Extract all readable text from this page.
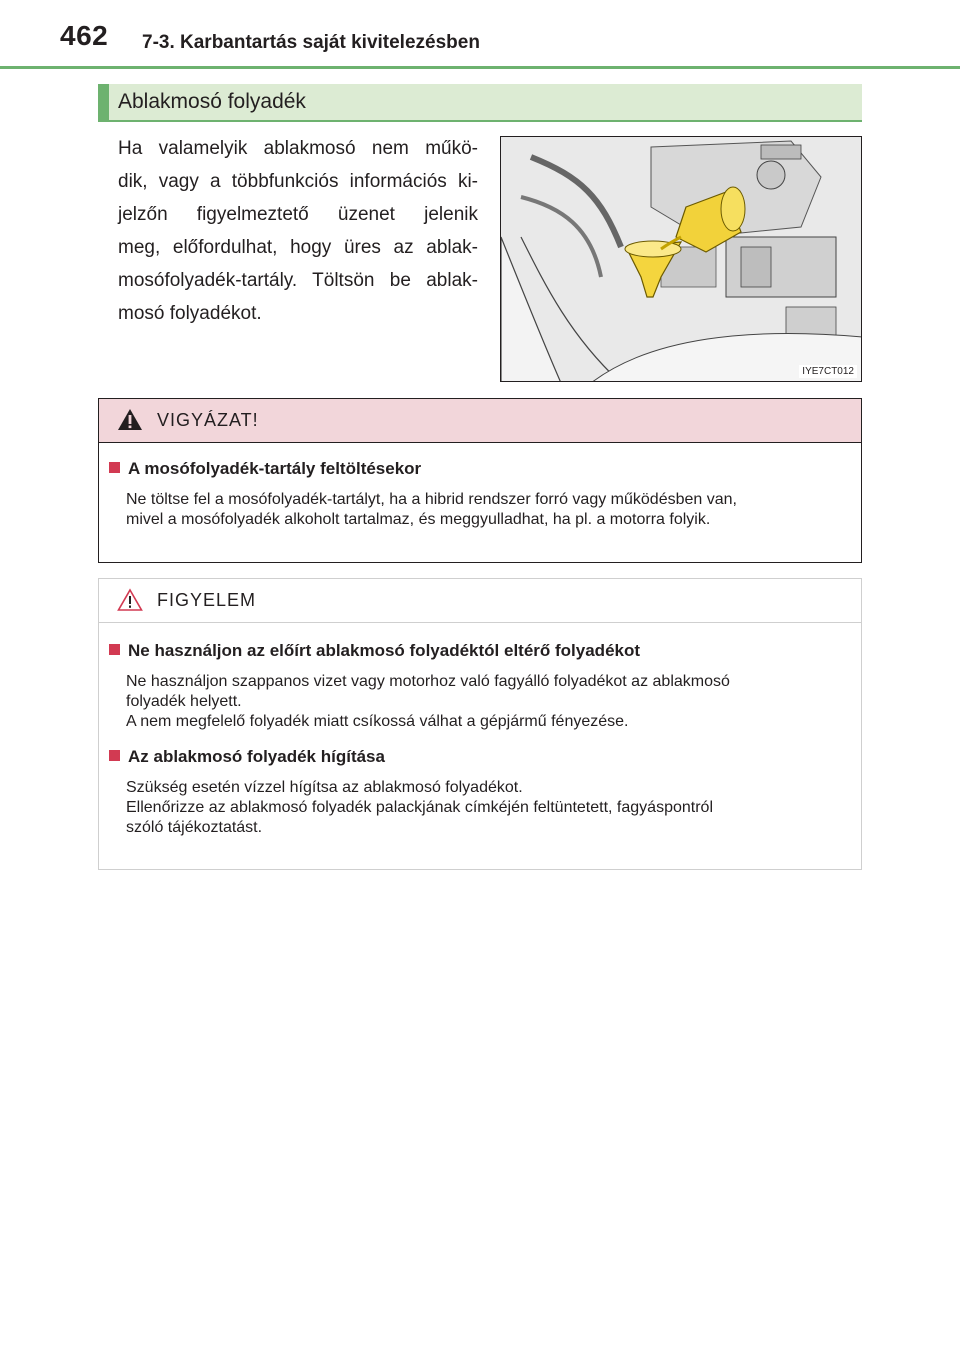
462 7-3. Karbantartás saját kivitelezésben
Ablakmosó folyadék
Ha valamelyik ablakmosó nem műkö-
dik, vagy a többfunkciós információs ki-
jelzőn figyelmeztető üzenet jelenik
meg, előfordulhat, hogy üres az ablak-
mosófolyadék-tartály. Töltsön be ablak-
mosó folyadékot.
IYE7CT012
VIGYÁZAT!
A mosófolyadék-tartály feltöltésekor
Ne töltse fel a mosófolyadék-tartályt, ha a hibrid rendszer forró vagy működésben van,
mivel a mosófolyadék alkoholt tartalmaz, és meggyulladhat, ha pl. a motorra folyik.
FIGYELEM
Ne használjon az előírt ablakmosó folyadéktól eltérő folyadékot
Ne használjon szappanos vizet vagy motorhoz való fagyálló folyadékot az ablakmosó
folyadék helyett.
A nem megfelelő folyadék miatt csíkossá válhat a gépjármű fényezése.
Az ablakmosó folyadék hígítása
Szükség esetén vízzel hígítsa az ablakmosó folyadékot.
Ellenőrizze az ablakmosó folyadék palackjának címkéjén feltüntetett, fagyáspontról
szóló tájékoztatást.
